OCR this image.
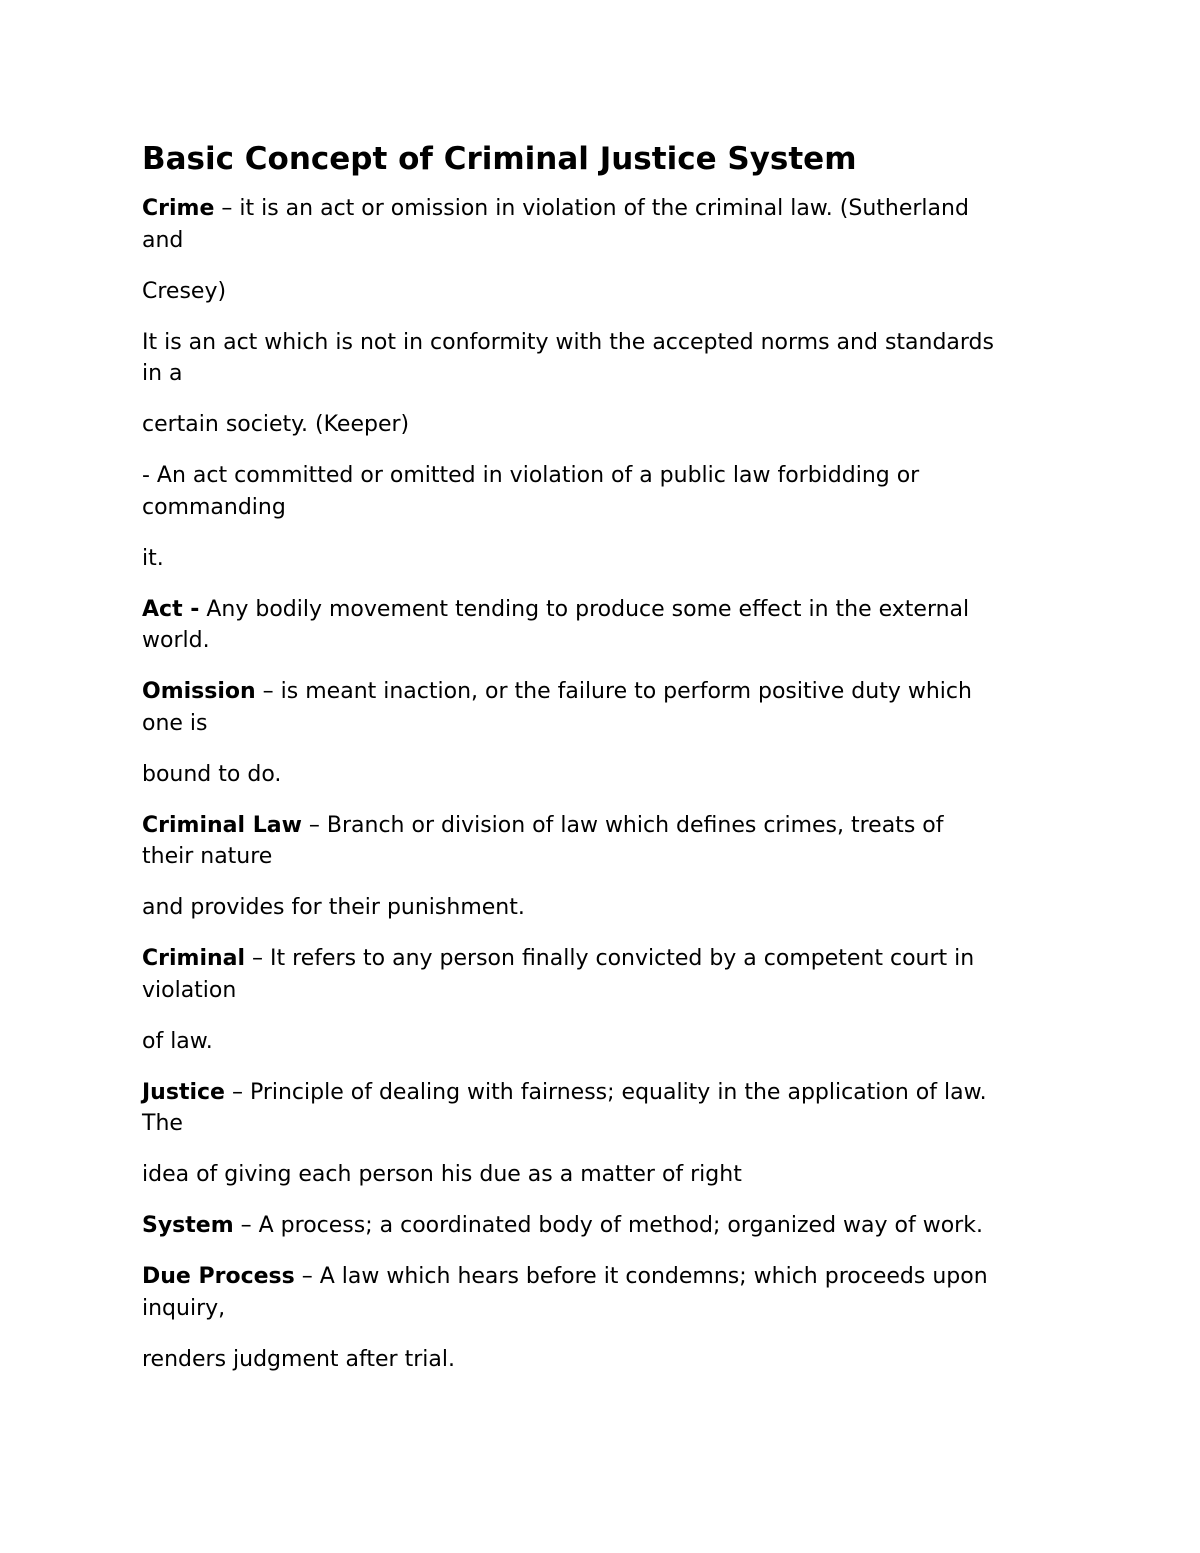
Basic Concept of Criminal Justice System
Crime – it is an act or omission in violation of the criminal law. (Sutherland
and
Cresey)
It is an act which is not in conformity with the accepted norms and standards
in a
certain society. (Keeper)
- An act committed or omitted in violation of a public law forbidding or
commanding
it.
Act - Any bodily movement tending to produce some effect in the external
world.
Omission – is meant inaction, or the failure to perform positive duty which
one is
bound to do.
Criminal Law – Branch or division of law which defines crimes, treats of
their nature
and provides for their punishment.
Criminal – It refers to any person finally convicted by a competent court in
violation
of law.
Justice – Principle of dealing with fairness; equality in the application of law.
The
idea of giving each person his due as a matter of right
System – A process; a coordinated body of method; organized way of work.
Due Process – A law which hears before it condemns; which proceeds upon
inquiry,
renders judgment after trial.
